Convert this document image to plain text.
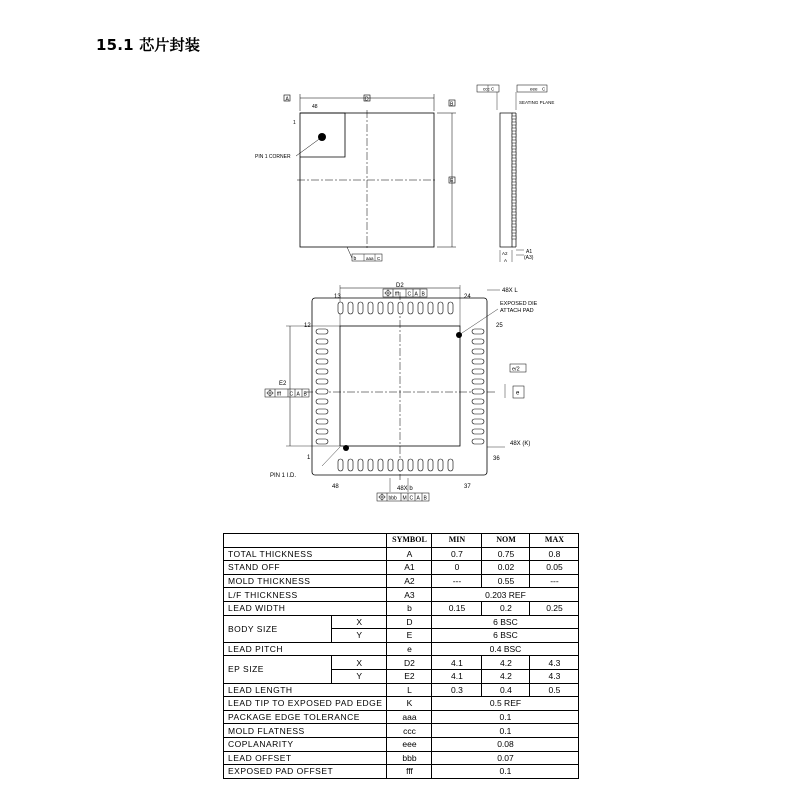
15.1 芯片封装
A	D
B
E
48
1
PIN 1 CORNER
b aaa C
ccc C	eee C
SEATING PLANE
A1
(A3)
A2
A
D2
fff C A B
13	24
12	25
1	36
48	37
48X L
EXPOSED DIE
ATTACH PAD
e/2
e
E2
fff C A B
48X (K)
PIN 1 I.D.
48X b
bbb M C A B
		SYMBOL	MIN	NOM	MAX
TOTAL THICKNESS		A	0.7	0.75	0.8
STAND OFF		A1	0	0.02	0.05
MOLD THICKNESS		A2	---	0.55	---
L/F THICKNESS		A3	0.203 REF		
LEAD WIDTH		b	0.15	0.2	0.25
BODY SIZE	X	D	6 BSC		
	Y	E	6 BSC		
LEAD PITCH		e	0.4 BSC		
EP SIZE	X	D2	4.1	4.2	4.3
	Y	E2	4.1	4.2	4.3
LEAD LENGTH		L	0.3	0.4	0.5
LEAD TIP TO EXPOSED PAD EDGE		K	0.5 REF		
PACKAGE EDGE TOLERANCE		aaa	0.1		
MOLD FLATNESS		ccc	0.1		
COPLANARITY		eee	0.08		
LEAD OFFSET		bbb	0.07		
EXPOSED PAD OFFSET		fff	0.1		
